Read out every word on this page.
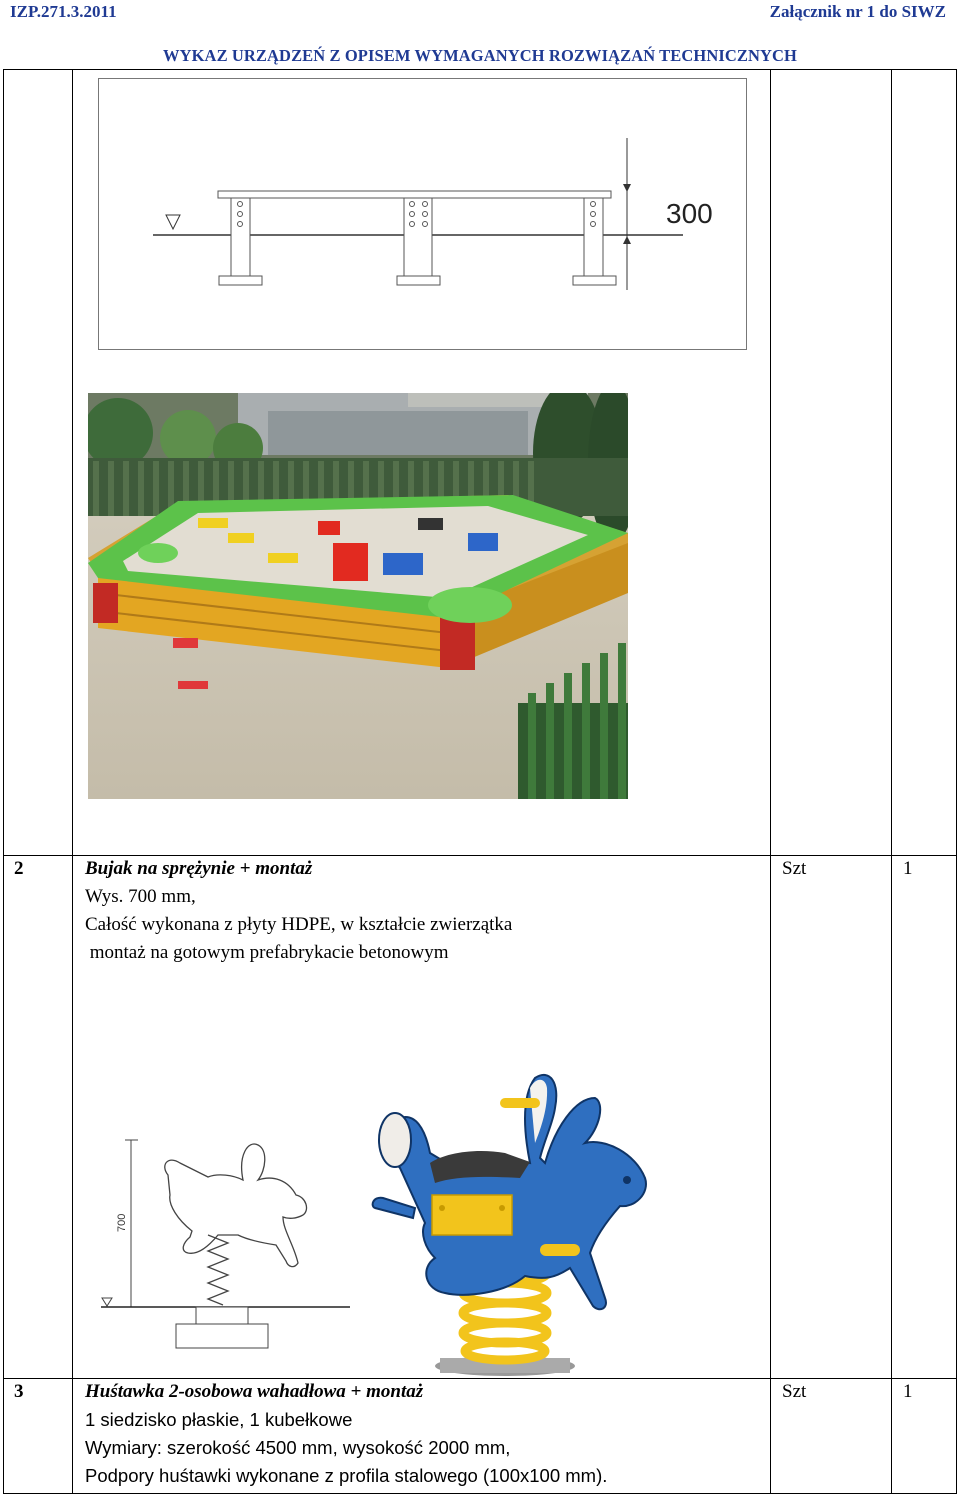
IZP.271.3.2011	Załącznik nr 1 do SIWZ
WYKAZ URZĄDZEŃ Z OPISEM WYMAGANYCH ROZWIĄZAŃ TECHNICZNYCH
300
2	Bujak na sprężynie + montaż
Wys. 700 mm,
Całość wykonana z płyty HDPE, w kształcie zwierzątka
montaż na gotowym prefabrykacie betonowym
Szt	1
700
3	Huśtawka 2-osobowa wahadłowa + montaż
1 siedzisko płaskie, 1 kubełkowe
Wymiary: szerokość 4500 mm, wysokość 2000 mm,
Podpory huśtawki wykonane z profila stalowego (100x100 mm).
Szt	1
